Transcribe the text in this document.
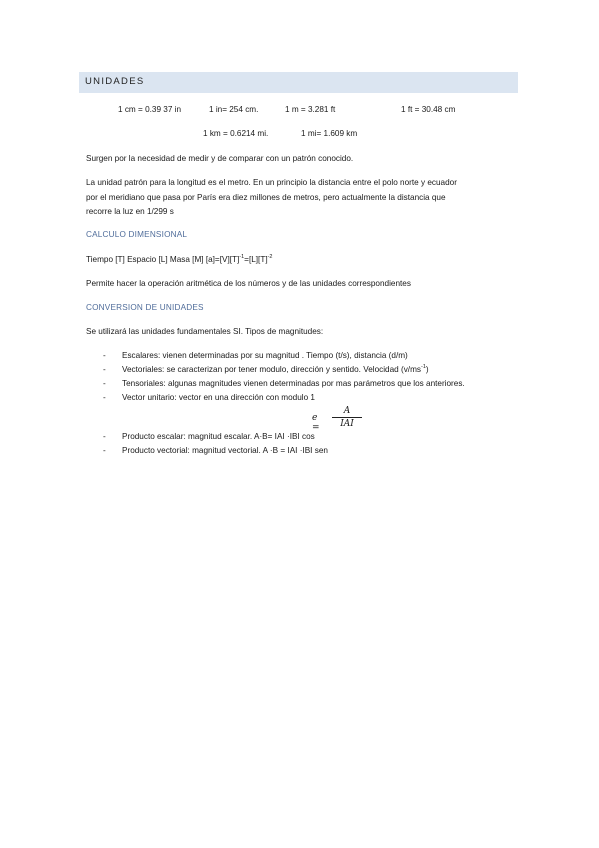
UNIDADES
1 cm = 0.39 37 in	1 in= 254 cm.	1 m = 3.281 ft	1 ft = 30.48 cm
1 km = 0.6214 mi.	1 mi= 1.609 km
Surgen por la necesidad de medir y de comparar con un patrón conocido.
La unidad patrón para la longitud es el metro. En un principio la distancia entre el polo norte y ecuador
por el meridiano que pasa por París era diez millones de metros, pero actualmente la distancia que
recorre la luz en 1/299 s
CALCULO DIMENSIONAL
Tiempo [T] Espacio [L] Masa [M] $[a]=[V][T]^{-1}=[L][T]^{-2}$
Permite hacer la operación aritmética de los números y de las unidades correspondientes
CONVERSION DE UNIDADES
Se utilizará las unidades fundamentales SI. Tipos de magnitudes:
- Escalares: vienen determinadas por su magnitud . Tiempo (t/s), distancia (d/m)
- Vectoriales: se caracterizan por tener modulo, dirección y sentido. Velocidad $(v/ms^{-1})$
- Tensoriales: algunas magnitudes vienen determinadas por mas parámetros que los anteriores.
- Vector unitario: vector en una dirección con modulo 1
e =
A
IAI
- Producto escalar: magnitud escalar. A·B= IAI ·IBI cos
- Producto vectorial: magnitud vectorial. A ·B = IAI ·IBI sen
